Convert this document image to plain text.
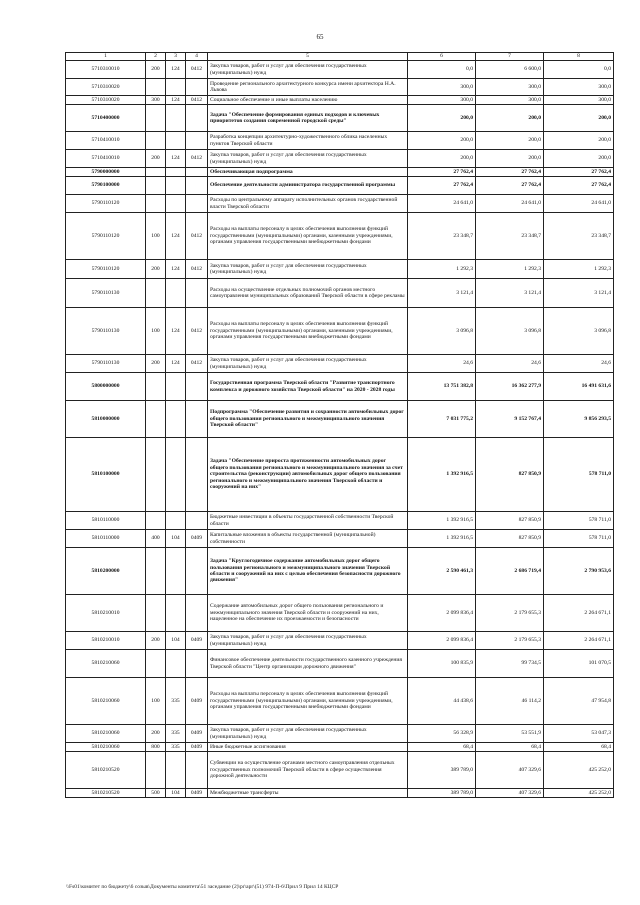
65
1	2	3	4	5	6	7	8
5710310010	200	124	0412	Закупка товаров, работ и услуг для обеспечения государственных (муниципальных) нужд	0,0	6 600,0	0,0
5710310020				Проведение регионального архитектурного конкурса имени архитектора Н.А. Львова	300,0	300,0	300,0
5710310020	300	124	0412	Социальное обеспечение и иные выплаты населению	300,0	300,0	300,0
5710400000				Задача "Обеспечение формирования единых подходов и ключевых приоритетов создания современной городской среды"	200,0	200,0	200,0
5710410010				Разработка концепции архитектурно-художественного облика населенных пунктов Тверской области	200,0	200,0	200,0
5710410010	200	124	0412	Закупка товаров, работ и услуг для обеспечения государственных (муниципальных) нужд	200,0	200,0	200,0
5790000000				Обеспечивающая подпрограмма	27 762,4	27 762,4	27 762,4
5790100000				Обеспечение деятельности администратора государственной программы	27 762,4	27 762,4	27 762,4
5790110120				Расходы по центральному аппарату исполнительных органов государственной власти Тверской области	24 641,0	24 641,0	24 641,0
5790110120	100	124	0412	Расходы на выплаты персоналу в целях обеспечения выполнения функций государственными (муниципальными) органами, казенными учреждениями, органами управления государственными внебюджетными фондами	23 348,7	23 348,7	23 348,7
5790110120	200	124	0412	Закупка товаров, работ и услуг для обеспечения государственных (муниципальных) нужд	1 292,3	1 292,3	1 292,3
5790110130				Расходы на осуществление отдельных полномочий органов местного самоуправления муниципальных образований Тверской области в сфере рекламы	3 121,4	3 121,4	3 121,4
5790110130	100	124	0412	Расходы на выплаты персоналу в целях обеспечения выполнения функций государственными (муниципальными) органами, казенными учреждениями, органами управления государственными внебюджетными фондами	3 096,8	3 096,8	3 096,8
5790110130	200	124	0412	Закупка товаров, работ и услуг для обеспечения государственных (муниципальных) нужд	24,6	24,6	24,6
5800000000				Государственная программа Тверской области "Развитие транспортного комплекса и дорожного хозяйства Тверской области" на 2020 - 2028 годы	13 751 382,8	16 362 277,9	16 491 631,6
5810000000				Подпрограмма "Обеспечение развития и сохранности автомобильных дорог общего пользования регионального и межмуниципального значения Тверской области"	7 031 775,2	9 152 767,4	9 856 293,5
5810100000				Задача "Обеспечение прироста протяженности автомобильных дорог общего пользования регионального и межмуниципального значения за счет строительства (реконструкции) автомобильных дорог общего пользования регионального и межмуниципального значения Тверской области и сооружений на них"	1 392 916,5	827 850,9	578 711,0
5810110000				Бюджетные инвестиции в объекты государственной собственности Тверской области	1 392 916,5	827 850,9	578 711,0
5810110000	400	104	0409	Капитальные вложения в объекты государственной (муниципальной) собственности	1 392 916,5	827 850,9	578 711,0
5810200000				Задача "Круглогодичное содержание автомобильных дорог общего пользования регионального и межмуниципального значения Тверской области и сооружений на них с целью обеспечения безопасности дорожного движения"	2 590 461,3	2 686 719,4	2 790 953,6
5810210010				Содержание автомобильных дорог общего пользования регионального и межмуниципального значения Тверской области и сооружений на них, нацеленное на обеспечение их проезжаемости и безопасности	2 099 836,4	2 179 655,3	2 264 671,1
5810210010	200	104	0409	Закупка товаров, работ и услуг для обеспечения государственных (муниципальных) нужд	2 099 836,4	2 179 655,3	2 264 671,1
5810210060				Финансовое обеспечение деятельности государственного казенного учреждения Тверской области "Центр организации дорожного движения"	100 835,9	99 734,5	101 070,5
5810210060	100	335	0409	Расходы на выплаты персоналу в целях обеспечения выполнения функций государственными (муниципальными) органами, казенными учреждениями, органами управления государственными внебюджетными фондами	44 438,6	46 114,2	47 954,8
5810210060	200	335	0409	Закупка товаров, работ и услуг для обеспечения государственных (муниципальных) нужд	56 328,9	53 551,9	53 047,3
5810210060	800	335	0409	Иные бюджетные ассигнования	68,4	68,4	68,4
5810210520				Субвенции на осуществление органами местного самоуправления отдельных государственных полномочий Тверской области в сфере осуществления дорожной деятельности	389 789,0	407 329,6	425 252,0
5810210520	500	104	0409	Межбюджетные трансферты	389 789,0	407 329,6	425 252,0
\\Fs01\комитет по бюджету\6 созыв\Документы комитета\51 заседание (2)\pr\apr\(51) 974-П-6\Прил 9 Прил 14 КЦСР
